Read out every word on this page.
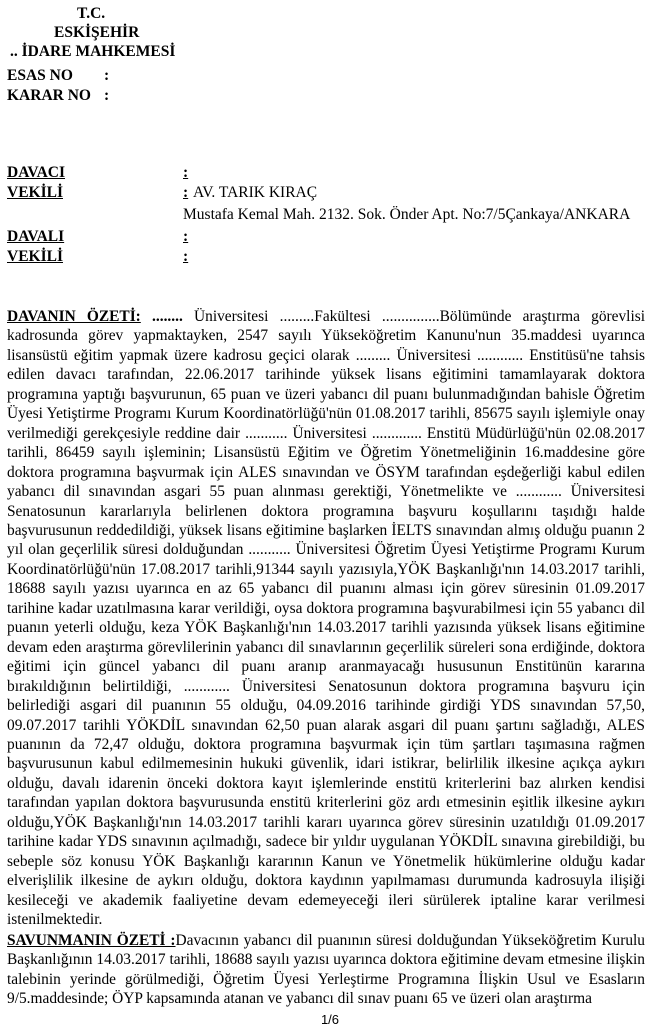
T.C.
ESKİŞEHİR
.. İDARE MAHKEMESİ
ESAS NO :
KARAR NO :
DAVACI	:
VEKİLİ	: AV. TARIK KIRAÇ
Mustafa Kemal Mah. 2132. Sok. Önder Apt. No:7/5Çankaya/ANKARA
DAVALI	:
VEKİLİ	:

DAVANIN ÖZETİ: ........ Üniversitesi .........Fakültesi ...............Bölümünde araştırma görevlisi kadrosunda görev yapmaktayken, 2547 sayılı Yükseköğretim Kanunu'nun 35.maddesi uyarınca lisansüstü eğitim yapmak üzere kadrosu geçici olarak ......... Üniversitesi ............ Enstitüsü'ne tahsis edilen davacı tarafından, 22.06.2017 tarihinde yüksek lisans eğitimini tamamlayarak doktora programına yaptığı başvurunun, 65 puan ve üzeri yabancı dil puanı bulunmadığından bahisle Öğretim Üyesi Yetiştirme Programı Kurum Koordinatörlüğü'nün 01.08.2017 tarihli, 85675 sayılı işlemiyle onay verilmediği gerekçesiyle reddine dair ........... Üniversitesi ............. Enstitü Müdürlüğü'nün 02.08.2017 tarihli, 86459 sayılı işleminin; Lisansüstü Eğitim ve Öğretim Yönetmeliğinin 16.maddesine göre doktora programına başvurmak için ALES sınavından ve ÖSYM tarafından eşdeğerliği kabul edilen yabancı dil sınavından asgari 55 puan alınması gerektiği, Yönetmelikte ve ............ Üniversitesi Senatosunun kararlarıyla belirlenen doktora programına başvuru koşullarını taşıdığı halde başvurusunun reddedildiği, yüksek lisans eğitimine başlarken İELTS sınavından almış olduğu puanın 2 yıl olan geçerlilik süresi dolduğundan ........... Üniversitesi Öğretim Üyesi Yetiştirme Programı Kurum Koordinatörlüğü'nün 17.08.2017 tarihli,91344 sayılı yazısıyla,YÖK Başkanlığı'nın 14.03.2017 tarihli, 18688 sayılı yazısı uyarınca en az 65 yabancı dil puanını alması için görev süresinin 01.09.2017 tarihine kadar uzatılmasına karar verildiği, oysa doktora programına başvurabilmesi için 55 yabancı dil puanın yeterli olduğu, keza YÖK Başkanlığı'nın 14.03.2017 tarihli yazısında yüksek lisans eğitimine devam eden araştırma görevlilerinin yabancı dil sınavlarının geçerlilik süreleri sona erdiğinde, doktora eğitimi için güncel yabancı dil puanı aranıp aranmayacağı hususunun Enstitünün kararına bırakıldığının belirtildiği, ............ Üniversitesi Senatosunun doktora programına başvuru için belirlediği asgari dil puanının 55 olduğu, 04.09.2016 tarihinde girdiği YDS sınavından 57,50, 09.07.2017 tarihli YÖKDİL sınavından 62,50 puan alarak asgari dil puanı şartını sağladığı, ALES puanının da 72,47 olduğu, doktora programına başvurmak için tüm şartları taşımasına rağmen başvurusunun kabul edilmemesinin hukuki güvenlik, idari istikrar, belirlilik ilkesine açıkça aykırı olduğu, davalı idarenin önceki doktora kayıt işlemlerinde enstitü kriterlerini baz alırken kendisi tarafından yapılan doktora başvurusunda enstitü kriterlerini göz ardı etmesinin eşitlik ilkesine aykırı olduğu,YÖK Başkanlığı'nın 14.03.2017 tarihli kararı uyarınca görev süresinin uzatıldığı 01.09.2017 tarihine kadar YDS sınavının açılmadığı, sadece bir yıldır uygulanan YÖKDİL sınavına girebildiği, bu sebeple söz konusu YÖK Başkanlığı kararının Kanun ve Yönetmelik hükümlerine olduğu kadar elverişlilik ilkesine de aykırı olduğu, doktora kaydının yapılmaması durumunda kadrosuyla ilişiği kesileceği ve akademik faaliyetine devam edemeyeceği ileri sürülerek iptaline karar verilmesi istenilmektedir.

SAVUNMANIN ÖZETİ :Davacının yabancı dil puanının süresi dolduğundan Yükseköğretim Kurulu Başkanlığının 14.03.2017 tarihli, 18688 sayılı yazısı uyarınca doktora eğitimine devam etmesine ilişkin talebinin yerinde görülmediği, Öğretim Üyesi Yerleştirme Programına İlişkin Usul ve Esasların 9/5.maddesinde; ÖYP kapsamında atanan ve yabancı dil sınav puanı 65 ve üzeri olan araştırma

1/6
